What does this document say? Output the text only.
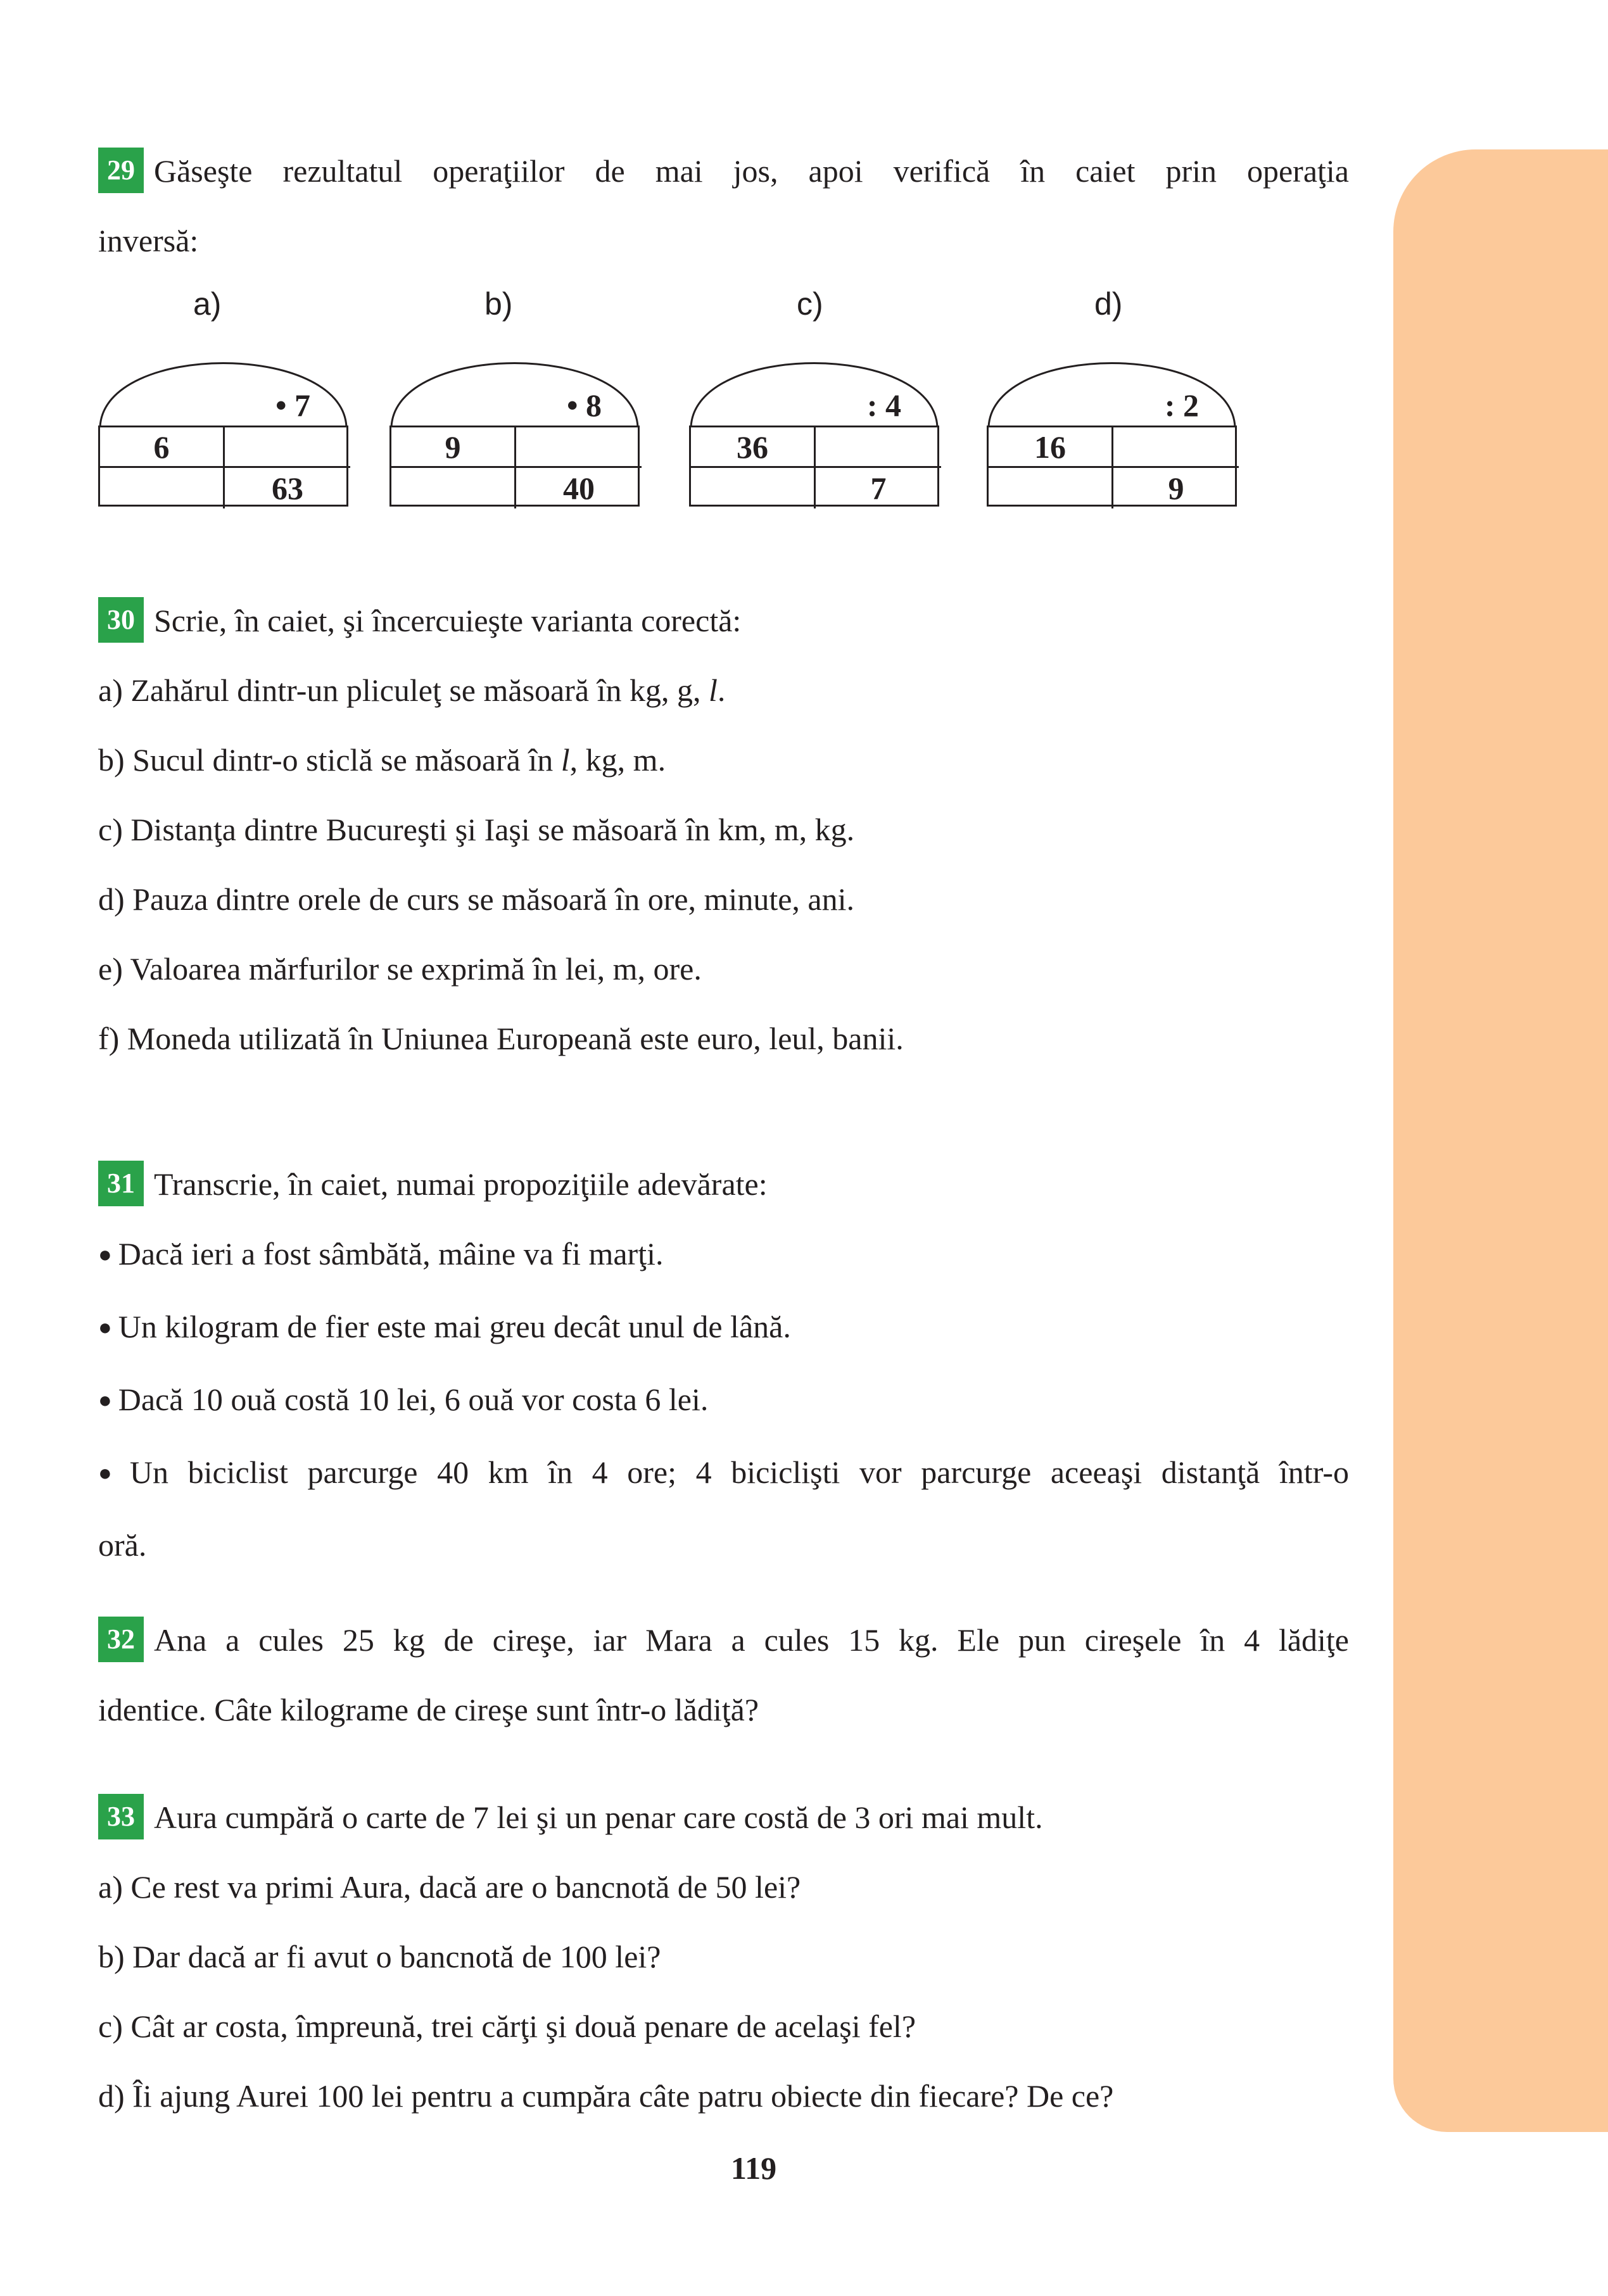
29 Găseşte rezultatul operaţiilor de mai jos, apoi verifică în caiet prin operaţia

inversă:

a)
• 7
6
63
b)
• 8
9
40
c)
: 4
36
7
d)
: 2
16
9

30 Scrie, în caiet, şi încercuieşte varianta corectă:

a) Zahărul dintr-un pliculeţ se măsoară în kg, g, l.

b) Sucul dintr-o sticlă se măsoară în l, kg, m.

c) Distanţa dintre Bucureşti şi Iaşi se măsoară în km, m, kg.

d) Pauza dintre orele de curs se măsoară în ore, minute, ani.

e) Valoarea mărfurilor se exprimă în lei, m, ore.

f) Moneda utilizată în Uniunea Europeană este euro, leul, banii.

31 Transcrie, în caiet, numai propoziţiile adevărate:

● Dacă ieri a fost sâmbătă, mâine va fi marţi.

● Un kilogram de fier este mai greu decât unul de lână.

● Dacă 10 ouă costă 10 lei, 6 ouă vor costa 6 lei.

● Un biciclist parcurge 40 km în 4 ore; 4 biciclişti vor parcurge aceeaşi distanţă într-o

oră.

32 Ana a cules 25 kg de cireşe, iar Mara a cules 15 kg. Ele pun cireşele în 4 lădiţe

identice. Câte kilograme de cireşe sunt într-o lădiţă?

33 Aura cumpără o carte de 7 lei şi un penar care costă de 3 ori mai mult.

a) Ce rest va primi Aura, dacă are o bancnotă de 50 lei?

b) Dar dacă ar fi avut o bancnotă de 100 lei?

c) Cât ar costa, împreună, trei cărţi şi două penare de acelaşi fel?

d) Îi ajung Aurei 100 lei pentru a cumpăra câte patru obiecte din fiecare? De ce?

119
